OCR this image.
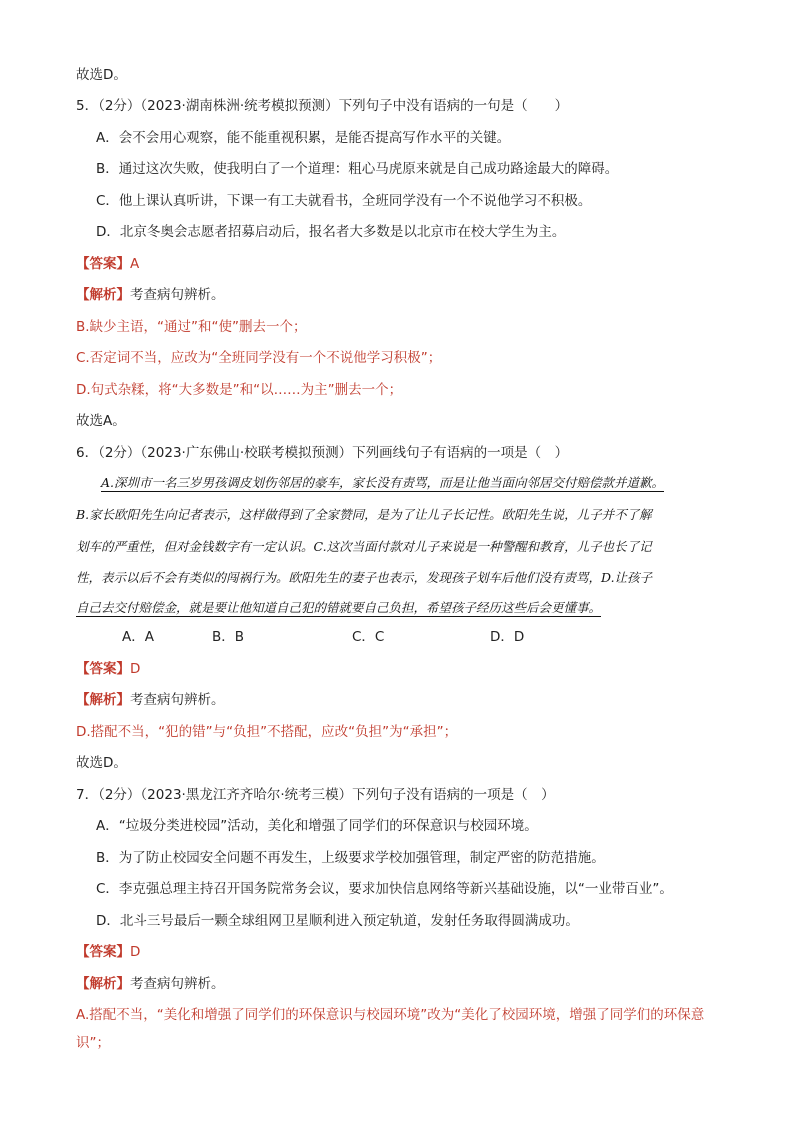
故选D。
5．（2分）（2023·湖南株洲·统考模拟预测）下列句子中没有语病的一句是（　　）
A．会不会用心观察，能不能重视积累，是能否提高写作水平的关键。
B．通过这次失败，使我明白了一个道理：粗心马虎原来就是自己成功路途最大的障碍。
C．他上课认真听讲，下课一有工夫就看书，全班同学没有一个不说他学习不积极。
D．北京冬奥会志愿者招募启动后，报名者大多数是以北京市在校大学生为主。
【答案】A
【解析】考查病句辨析。
B.缺少主语，“通过”和“使”删去一个；
C.否定词不当，应改为“全班同学没有一个不说他学习积极”；
D.句式杂糅，将“大多数是”和“以……为主”删去一个；
故选A。
6．（2分）（2023·广东佛山·校联考模拟预测）下列画线句子有语病的一项是（　）
A.深圳市一名三岁男孩调皮划伤邻居的豪车，家长没有责骂，而是让他当面向邻居交付赔偿款并道歉。
B.家长欧阳先生向记者表示，这样做得到了全家赞同，是为了让儿子长记性。欧阳先生说，儿子并不了解
划车的严重性，但对金钱数字有一定认识。C.这次当面付款对儿子来说是一种警醒和教育，儿子也长了记
性，表示以后不会有类似的闯祸行为。欧阳先生的妻子也表示，发现孩子划车后他们没有责骂，D.让孩子
自己去交付赔偿金，就是要让他知道自己犯的错就要自己负担，希望孩子经历这些后会更懂事。
A．A	B．B	C．C	D．D
【答案】D
【解析】考查病句辨析。
D.搭配不当，“犯的错”与“负担”不搭配，应改“负担”为“承担”；
故选D。
7．（2分）（2023·黑龙江齐齐哈尔·统考三模）下列句子没有语病的一项是（　）
A．“垃圾分类进校园”活动，美化和增强了同学们的环保意识与校园环境。
B．为了防止校园安全问题不再发生，上级要求学校加强管理，制定严密的防范措施。
C．李克强总理主持召开国务院常务会议，要求加快信息网络等新兴基础设施，以“一业带百业”。
D．北斗三号最后一颗全球组网卫星顺利进入预定轨道，发射任务取得圆满成功。
【答案】D
【解析】考查病句辨析。
A.搭配不当，“美化和增强了同学们的环保意识与校园环境”改为“美化了校园环境，增强了同学们的环保意
识”；
